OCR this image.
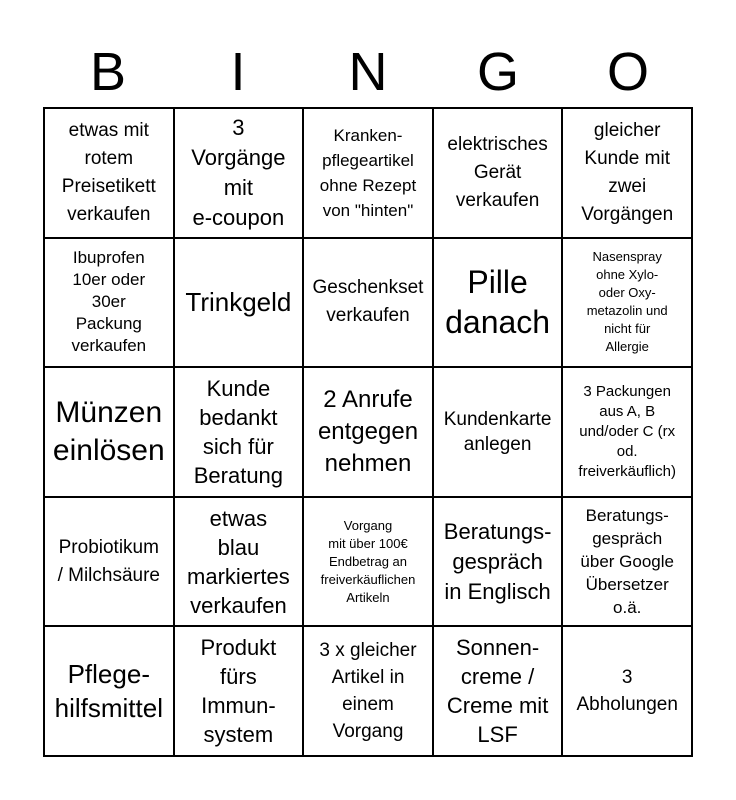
B	I	N	G	O
etwas mit
rotem
Preisetikett
verkaufen
3
Vorgänge
mit
e-coupon
Kranken-
pflegeartikel
ohne Rezept
von "hinten"
elektrisches
Gerät
verkaufen
gleicher
Kunde mit
zwei
Vorgängen
Ibuprofen
10er oder
30er
Packung
verkaufen
Trinkgeld Geschenkset
verkaufen
Pille
danach
Nasenspray
ohne Xylo-
oder Oxy-
metazolin und
nicht für
Allergie
Münzen
einlösen
Kunde
bedankt
sich für
Beratung
2 Anrufe
entgegen
nehmen
Kundenkarte
anlegen
3 Packungen
aus A, B
und/oder C (rx
od.
freiverkäuflich)
Probiotikum
/ Milchsäure
etwas
blau
markiertes
verkaufen
Vorgang
mit über 100€
Endbetrag an
freiverkäuflichen
Artikeln
Beratungs-
gespräch
in Englisch
Beratungs-
gespräch
über Google
Übersetzer
o.ä.
Pflege-
hilfsmittel
Produkt
fürs
Immun-
system
3 x gleicher
Artikel in
einem
Vorgang
Sonnen-
creme /
Creme mit
LSF
3
Abholungen
